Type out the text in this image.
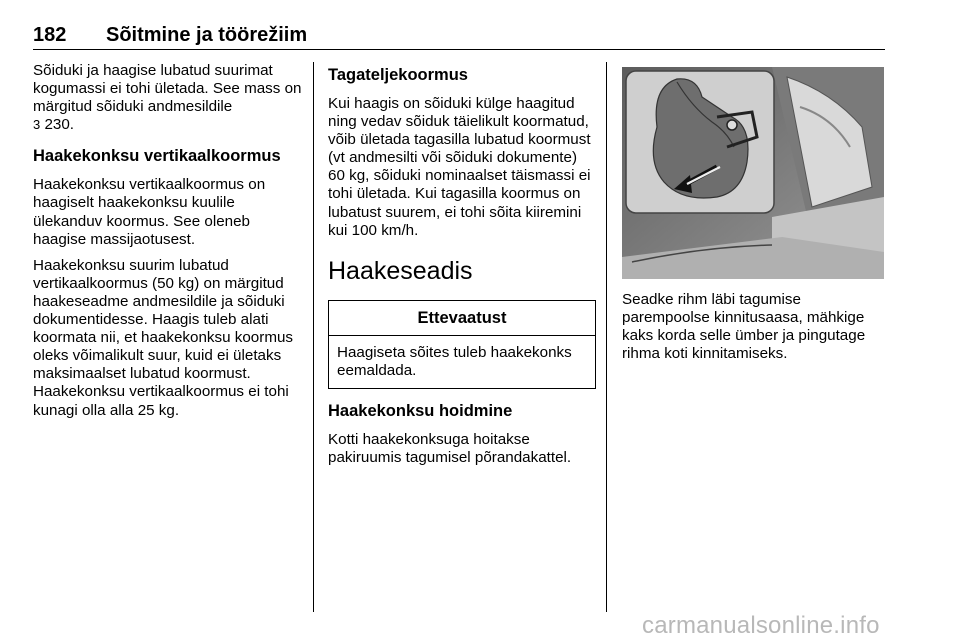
182 Sõitmine ja töörežiim

Sõiduki ja haagise lubatud suurimat kogumassi ei tohi ületada. See mass on märgitud sõiduki andmesildile
3 230.

Haakekonksu vertikaalkoormus

Haakekonksu vertikaalkoormus on haagiselt haakekonksu kuulile ülekanduv koormus. See oleneb haagise massijaotusest.

Haakekonksu suurim lubatud vertikaalkoormus (50 kg) on märgitud haakeseadme andmesildile ja sõiduki dokumentidesse. Haagis tuleb alati koormata nii, et haakekonksu koormus oleks võimalikult suur, kuid ei ületaks maksimaalset lubatud koormust. Haakekonksu vertikaalkoormus ei tohi kunagi olla alla 25 kg.

Tagateljekoormus

Kui haagis on sõiduki külge haagitud ning vedav sõiduk täielikult koormatud, võib ületada tagasilla lubatud koormust (vt andmesilti või sõiduki dokumente) 60 kg, sõiduki nominaalset täismassi ei tohi ületada. Kui tagasilla koormus on lubatust suurem, ei tohi sõita kiiremini kui 100 km/h.

Haakeseadis
Ettevaatust
Haagiseta sõites tuleb haakekonks eemaldada.
Haakekonksu hoidmine

Kotti haakekonksuga hoitakse pakiruumis tagumisel põrandakattel.

Seadke rihm läbi tagumise parempoolse kinnitusaasa, mähkige kaks korda selle ümber ja pingutage rihma koti kinnitamiseks.

carmanualsonline.info
